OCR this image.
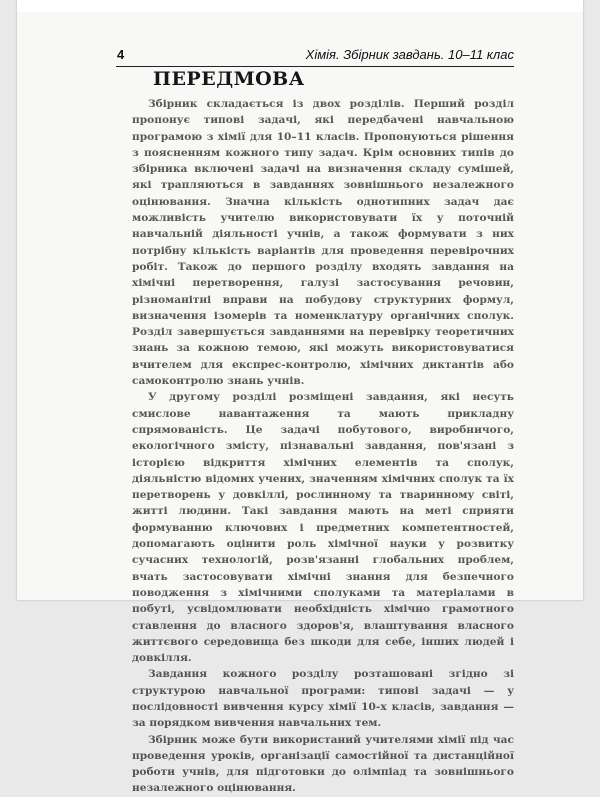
4	Хімія. Збірник завдань. 10–11 клас
ПЕРЕДМОВА

Збірник складається із двох розділів. Перший розділ пропонує типові задачі, які передбачені навчальною програмою з хімії для 10–11 класів. Пропонуються рішення з поясненням кожного типу задач. Крім основних типів до збірника включені задачі на визначення складу сумішей, які трапляються в завданнях зовнішнього незалежного оцінювання. Значна кількість однотипних задач дає можливість учителю використовувати їх у поточній навчальній діяльності учнів, а також формувати з них потрібну кількість варіантів для проведення перевірочних робіт. Також до першого розділу входять завдання на хімічні перетворення, галузі застосування речовин, різноманітні вправи на побудову структурних формул, визначення ізомерів та номенклатуру органічних сполук. Розділ завершується завданнями на перевірку теоретичних знань за кожною темою, які можуть використовуватися вчителем для експрес-контролю, хімічних диктантів або самоконтролю знань учнів.

У другому розділі розміщені завдання, які несуть смислове навантаження та мають прикладну спрямованість. Це задачі побутового, виробничого, екологічного змісту, пізнавальні завдання, пов'язані з історією відкриття хімічних елементів та сполук, діяльністю відомих учених, значенням хімічних сполук та їх перетворень у довкіллі, рослинному та тваринному світі, житті людини. Такі завдання мають на меті сприяти формуванню ключових і предметних компетентностей, допомагають оцінити роль хімічної науки у розвитку сучасних технологій, розв'язанні глобальних проблем, вчать застосовувати хімічні знання для безпечного поводження з хімічними сполуками та матеріалами в побуті, усвідомлювати необхідність хімічно грамотного ставлення до власного здоров'я, влаштування власного життєвого середовища без шкоди для себе, інших людей і довкілля.

Завдання кожного розділу розташовані згідно зі структурою навчальної програми: типові задачі — у послідовності вивчення курсу хімії 10-х класів, завдання — за порядком вивчення навчальних тем.

Збірник може бути використаний учителями хімії під час проведення уроків, організації самостійної та дистанційної роботи учнів, для підготовки до олімпіад та зовнішнього незалежного оцінювання.
